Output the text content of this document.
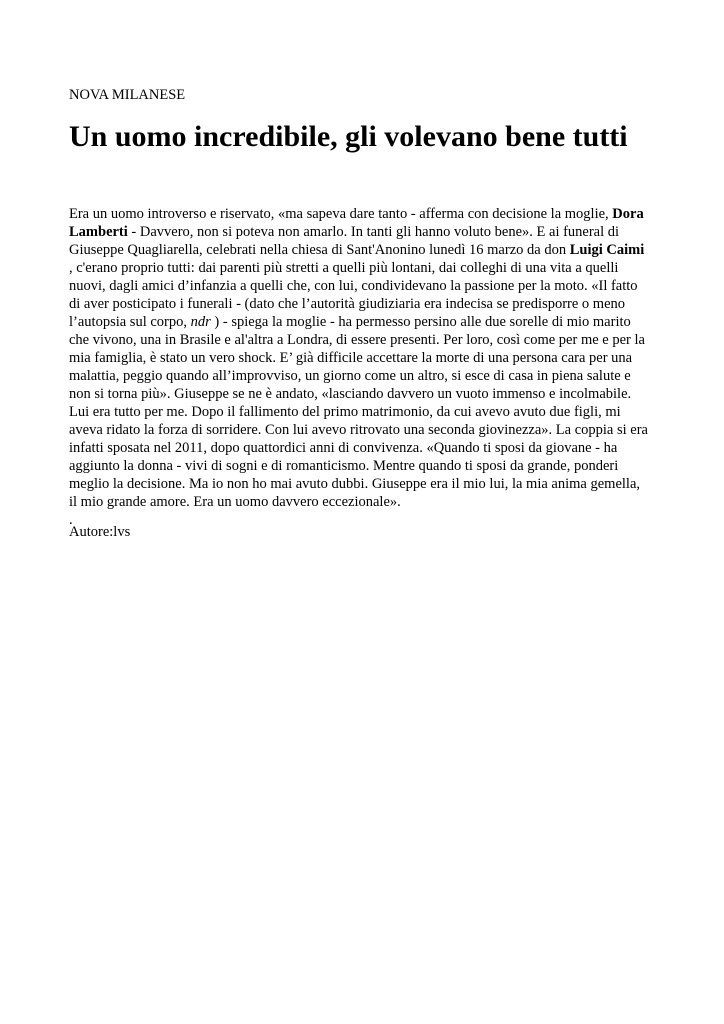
NOVA MILANESE
Un uomo incredibile, gli volevano bene tutti
Era un uomo introverso e riservato, «ma sapeva dare tanto - afferma con decisione la moglie, Dora
Lamberti - Davvero, non si poteva non amarlo. In tanti gli hanno voluto bene». E ai funeral di
Giuseppe Quagliarella, celebrati nella chiesa di Sant'Anonino lunedì 16 marzo da don Luigi Caimi
, c'erano proprio tutti: dai parenti più stretti a quelli più lontani, dai colleghi di una vita a quelli
nuovi, dagli amici d’infanzia a quelli che, con lui, condividevano la passione per la moto. «Il fatto
di aver posticipato i funerali - (dato che l’autorità giudiziaria era indecisa se predisporre o meno
l’autopsia sul corpo, ndr ) - spiega la moglie - ha permesso persino alle due sorelle di mio marito
che vivono, una in Brasile e al'altra a Londra, di essere presenti. Per loro, così come per me e per la
mia famiglia, è stato un vero shock. E’ già difficile accettare la morte di una persona cara per una
malattia, peggio quando all’improvviso, un giorno come un altro, si esce di casa in piena salute e
non si torna più». Giuseppe se ne è andato, «lasciando davvero un vuoto immenso e incolmabile.
Lui era tutto per me. Dopo il fallimento del primo matrimonio, da cui avevo avuto due figli, mi
aveva ridato la forza di sorridere. Con lui avevo ritrovato una seconda giovinezza». La coppia si era
infatti sposata nel 2011, dopo quattordici anni di convivenza. «Quando ti sposi da giovane - ha
aggiunto la donna - vivi di sogni e di romanticismo. Mentre quando ti sposi da grande, ponderi
meglio la decisione. Ma io non ho mai avuto dubbi. Giuseppe era il mio lui, la mia anima gemella,
il mio grande amore. Era un uomo davvero eccezionale».
.
Autore:lvs
